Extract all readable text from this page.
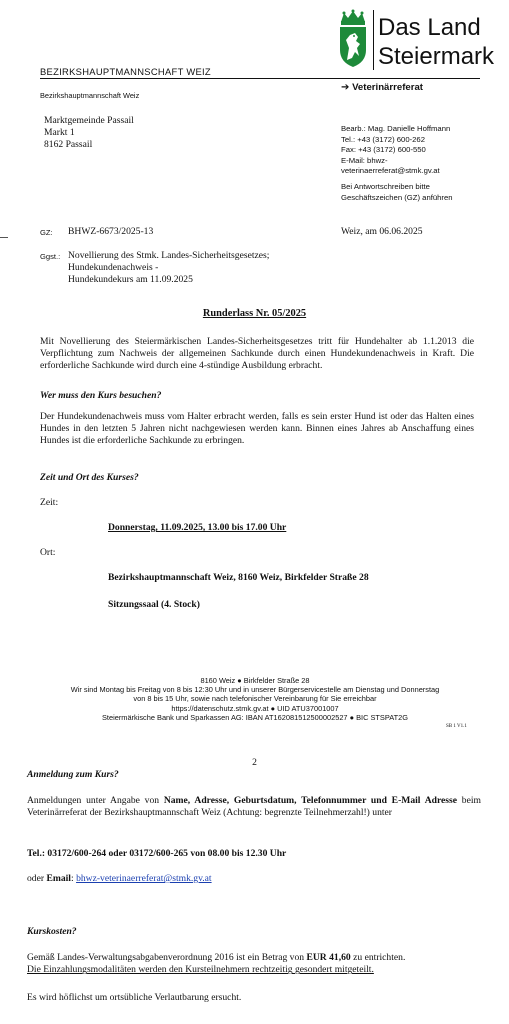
Das Land
Steiermark
BEZIRKSHAUPTMANNSCHAFT WEIZ
➔ Veterinärreferat
Bezirkshauptmannschaft Weiz
Marktgemeinde Passail
Markt 1
8162 Passail
Bearb.: Mag. Danielle Hoffmann
Tel.: +43 (3172) 600-262
Fax: +43 (3172) 600-550
E-Mail: bhwz-
veterinaerreferat@stmk.gv.at
Bei Antwortschreiben bitte
Geschäftszeichen (GZ) anführen
GZ: BHWZ-6673/2025-13	Weiz, am 06.06.2025
Ggst.: Novellierung des Stmk. Landes-Sicherheitsgesetzes;
Hundekundenachweis -
Hundekundekurs am 11.09.2025
Runderlass Nr. 05/2025

Mit Novellierung des Steiermärkischen Landes-Sicherheitsgesetzes tritt für Hundehalter ab 1.1.2013 die Verpflichtung zum Nachweis der allgemeinen Sachkunde durch einen Hundekundenachweis in Kraft. Die erforderliche Sachkunde wird durch eine 4-stündige Ausbildung erbracht.

Wer muss den Kurs besuchen?

Der Hundekundenachweis muss vom Halter erbracht werden, falls es sein erster Hund ist oder das Halten eines Hundes in den letzten 5 Jahren nicht nachgewiesen werden kann. Binnen eines Jahres ab Anschaffung eines Hundes ist die erforderliche Sachkunde zu erbringen.

Zeit und Ort des Kurses?
Zeit:
Donnerstag, 11.09.2025, 13.00 bis 17.00 Uhr
Ort:
Bezirkshauptmannschaft Weiz, 8160 Weiz, Birkfelder Straße 28
Sitzungssaal (4. Stock)
8160 Weiz ● Birkfelder Straße 28
Wir sind Montag bis Freitag von 8 bis 12:30 Uhr und in unserer Bürgerservicestelle am Dienstag und Donnerstag
von 8 bis 15 Uhr, sowie nach telefonischer Vereinbarung für Sie erreichbar
https://datenschutz.stmk.gv.at ● UID ATU37001007
Steiermärkische Bank und Sparkassen AG: IBAN AT162081512500002527 ● BIC STSPAT2G
SB 1 V1.1
2
Anmeldung zum Kurs?

Anmeldungen unter Angabe von Name, Adresse, Geburtsdatum, Telefonnummer und E-Mail Adresse beim Veterinärreferat der Bezirkshauptmannschaft Weiz (Achtung: begrenzte Teilnehmerzahl!) unter

Tel.: 03172/600-264 oder 03172/600-265 von 08.00 bis 12.30 Uhr
oder Email: bhwz-veterinaerreferat@stmk.gv.at
Kurskosten?

Gemäß Landes-Verwaltungsabgabenverordnung 2016 ist ein Betrag von EUR 41,60 zu entrichten.
Die Einzahlungsmodalitäten werden den Kursteilnehmern rechtzeitig gesondert mitgeteilt.

Es wird höflichst um ortsübliche Verlautbarung ersucht.
